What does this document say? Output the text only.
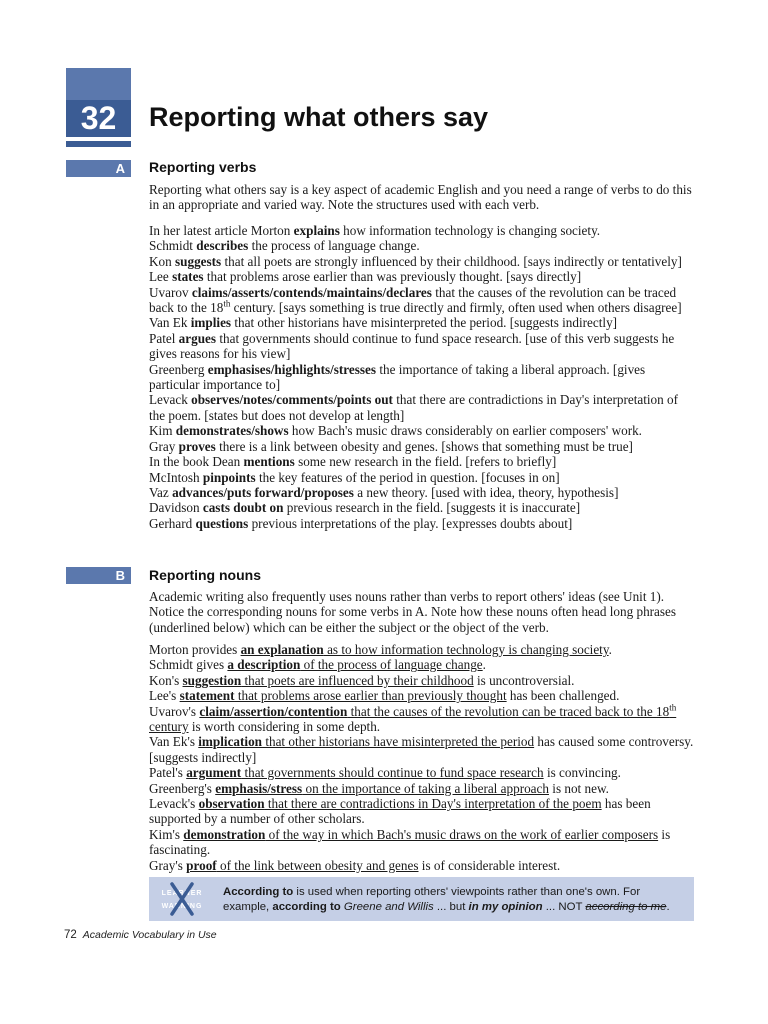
32	Reporting what others say
A	Reporting verbs

Reporting what others say is a key aspect of academic English and you need a range of verbs to do this in an appropriate and varied way. Note the structures used with each verb.

In her latest article Morton explains how information technology is changing society.
Schmidt describes the process of language change.
Kon suggests that all poets are strongly influenced by their childhood. [says indirectly or tentatively]
Lee states that problems arose earlier than was previously thought. [says directly]
Uvarov claims/asserts/contends/maintains/declares that the causes of the revolution can be traced back to the 18th century. [says something is true directly and firmly, often used when others disagree]
Van Ek implies that other historians have misinterpreted the period. [suggests indirectly]
Patel argues that governments should continue to fund space research. [use of this verb suggests he gives reasons for his view]
Greenberg emphasises/highlights/stresses the importance of taking a liberal approach. [gives particular importance to]
Levack observes/notes/comments/points out that there are contradictions in Day's interpretation of the poem. [states but does not develop at length]
Kim demonstrates/shows how Bach's music draws considerably on earlier composers' work.
Gray proves there is a link between obesity and genes. [shows that something must be true]
In the book Dean mentions some new research in the field. [refers to briefly]
McIntosh pinpoints the key features of the period in question. [focuses in on]
Vaz advances/puts forward/proposes a new theory. [used with idea, theory, hypothesis]
Davidson casts doubt on previous research in the field. [suggests it is inaccurate]
Gerhard questions previous interpretations of the play. [expresses doubts about]
B	Reporting nouns

Academic writing also frequently uses nouns rather than verbs to report others' ideas (see Unit 1). Notice the corresponding nouns for some verbs in A. Note how these nouns often head long phrases (underlined below) which can be either the subject or the object of the verb.

Morton provides an explanation as to how information technology is changing society.
Schmidt gives a description of the process of language change.
Kon's suggestion that poets are influenced by their childhood is uncontroversial.
Lee's statement that problems arose earlier than previously thought has been challenged.
Uvarov's claim/assertion/contention that the causes of the revolution can be traced back to the 18th century is worth considering in some depth.
Van Ek's implication that other historians have misinterpreted the period has caused some controversy. [suggests indirectly]
Patel's argument that governments should continue to fund space research is convincing.
Greenberg's emphasis/stress on the importance of taking a liberal approach is not new.
Levack's observation that there are contradictions in Day's interpretation of the poem has been supported by a number of other scholars.
Kim's demonstration of the way in which Bach's music draws on the work of earlier composers is fascinating.
Gray's proof of the link between obesity and genes is of considerable interest.
LEARNER
WARNING

According to is used when reporting others' viewpoints rather than one's own. For example, according to Greene and Willis ... but in my opinion ... NOT according to me.

72 Academic Vocabulary in Use
